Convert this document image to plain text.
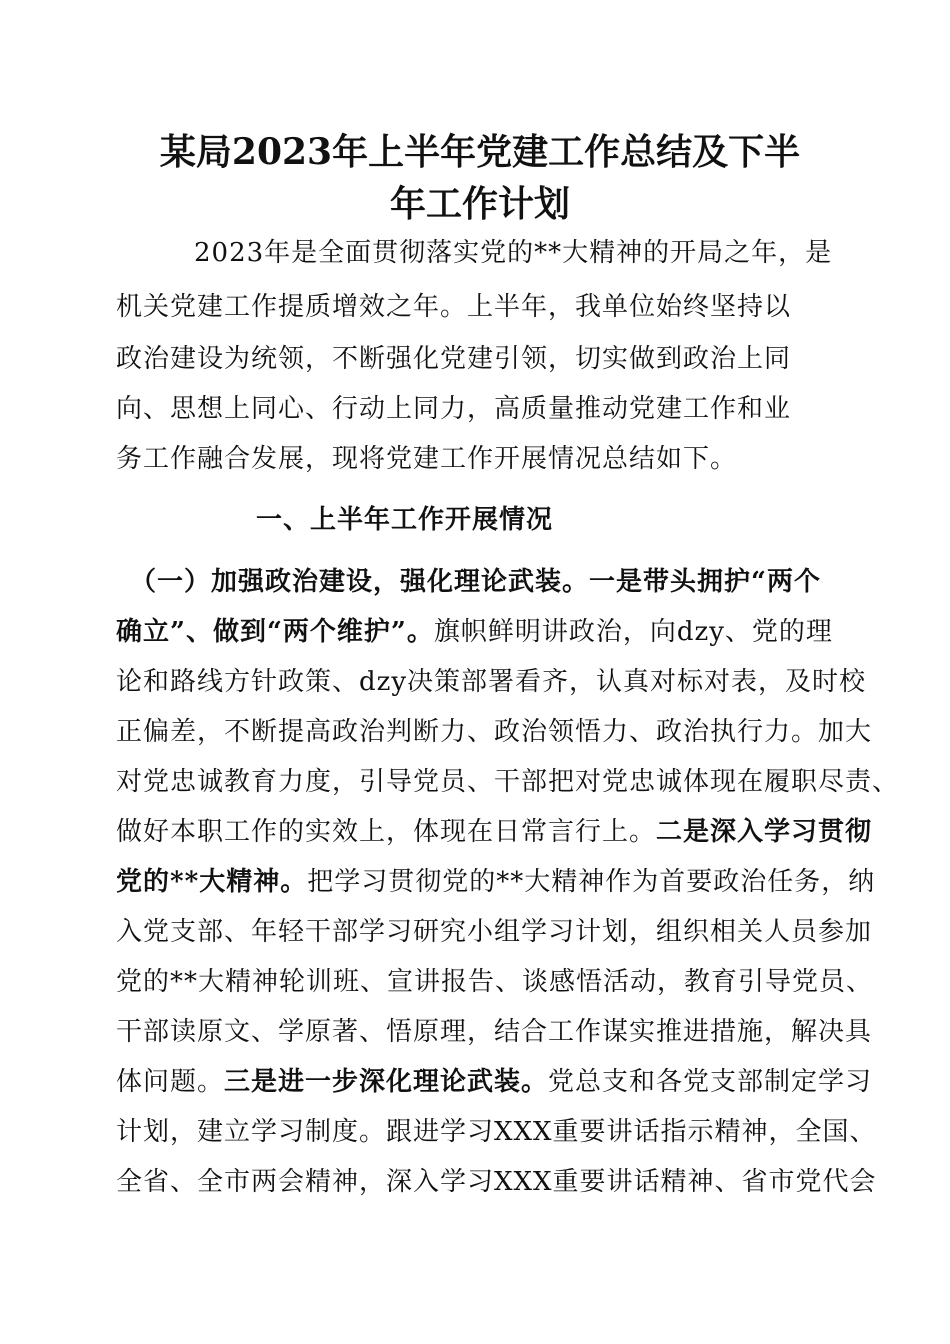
某局2023年上半年党建工作总结及下半
年工作计划
2023年是全面贯彻落实党的**大精神的开局之年，是
机关党建工作提质增效之年。上半年，我单位始终坚持以
政治建设为统领，不断强化党建引领，切实做到政治上同
向、思想上同心、行动上同力，高质量推动党建工作和业
务工作融合发展，现将党建工作开展情况总结如下。
一、上半年工作开展情况
（一）加强政治建设，强化理论武装。一是带头拥护“两个
确立”、做到“两个维护”。旗帜鲜明讲政治，向dzy、党的理
论和路线方针政策、dzy决策部署看齐，认真对标对表，及时校
正偏差，不断提高政治判断力、政治领悟力、政治执行力。加大
对党忠诚教育力度，引导党员、干部把对党忠诚体现在履职尽责、
做好本职工作的实效上，体现在日常言行上。二是深入学习贯彻
党的**大精神。把学习贯彻党的**大精神作为首要政治任务，纳
入党支部、年轻干部学习研究小组学习计划，组织相关人员参加
党的**大精神轮训班、宣讲报告、谈感悟活动，教育引导党员、
干部读原文、学原著、悟原理，结合工作谋实推进措施，解决具
体问题。三是进一步深化理论武装。党总支和各党支部制定学习
计划，建立学习制度。跟进学习XXX重要讲话指示精神，全国、
全省、全市两会精神，深入学习XXX重要讲话精神、省市党代会
